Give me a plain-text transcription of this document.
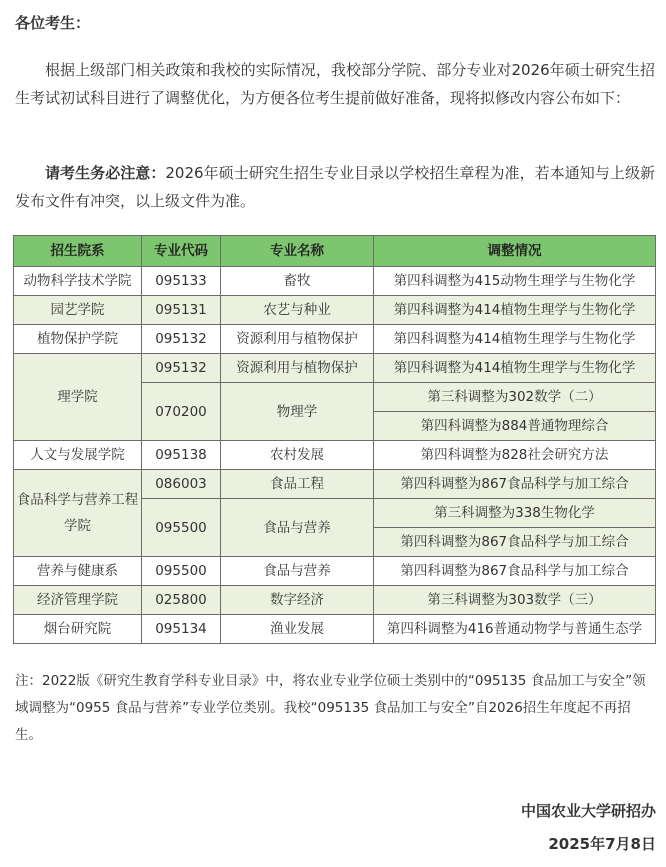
各位考生：
根据上级部门相关政策和我校的实际情况，我校部分学院、部分专业对2026年硕士研究生招生考试初试科目进行了调整优化，为方便各位考生提前做好准备，现将拟修改内容公布如下：
请考生务必注意：2026年硕士研究生招生专业目录以学校招生章程为准，若本通知与上级新发布文件有冲突，以上级文件为准。
招生院系	专业代码	专业名称	调整情况
动物科学技术学院	095133	畜牧	第四科调整为415动物生理学与生物化学
园艺学院	095131	农艺与种业	第四科调整为414植物生理学与生物化学
植物保护学院	095132	资源利用与植物保护	第四科调整为414植物生理学与生物化学
理学院	095132	资源利用与植物保护	第四科调整为414植物生理学与生物化学
	070200	物理学	第三科调整为302数学（二）
			第四科调整为884普通物理综合
人文与发展学院	095138	农村发展	第四科调整为828社会研究方法
食品科学与营养工程学院	086003	食品工程	第四科调整为867食品科学与加工综合
	095500	食品与营养	第三科调整为338生物化学
			第四科调整为867食品科学与加工综合
营养与健康系	095500	食品与营养	第四科调整为867食品科学与加工综合
经济管理学院	025800	数字经济	第三科调整为303数学（三）
烟台研究院	095134	渔业发展	第四科调整为416普通动物学与普通生态学
注：2022版《研究生教育学科专业目录》中，将农业专业学位硕士类别中的“095135 食品加工与安全”领域调整为“0955 食品与营养”专业学位类别。我校“095135 食品加工与安全”自2026招生年度起不再招生。
中国农业大学研招办
2025年7月8日
